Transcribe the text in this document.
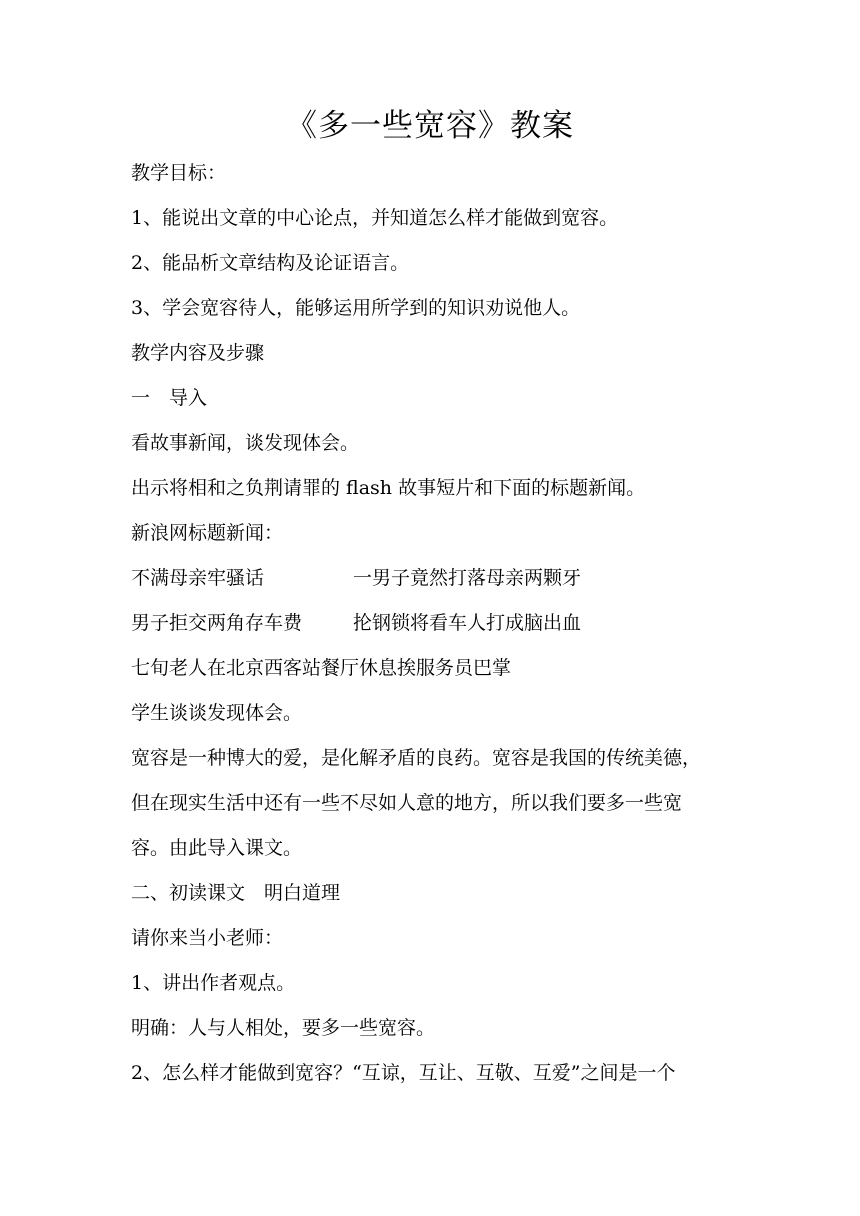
《多一些宽容》教案
教学目标：
1、能说出文章的中心论点，并知道怎么样才能做到宽容。
2、能品析文章结构及论证语言。
3、学会宽容待人，能够运用所学到的知识劝说他人。
教学内容及步骤
一　导入
看故事新闻，谈发现体会。
出示将相和之负荆请罪的 flash 故事短片和下面的标题新闻。
新浪网标题新闻：
不满母亲牢骚话	一男子竟然打落母亲两颗牙
男子拒交两角存车费	抡钢锁将看车人打成脑出血
七旬老人在北京西客站餐厅休息挨服务员巴掌
学生谈谈发现体会。
宽容是一种博大的爱，是化解矛盾的良药。宽容是我国的传统美德，
但在现实生活中还有一些不尽如人意的地方，所以我们要多一些宽
容。由此导入课文。
二、初读课文　明白道理
请你来当小老师：
1、讲出作者观点。
明确：人与人相处，要多一些宽容。
2、怎么样才能做到宽容？“互谅，互让、互敬、互爱”之间是一个
